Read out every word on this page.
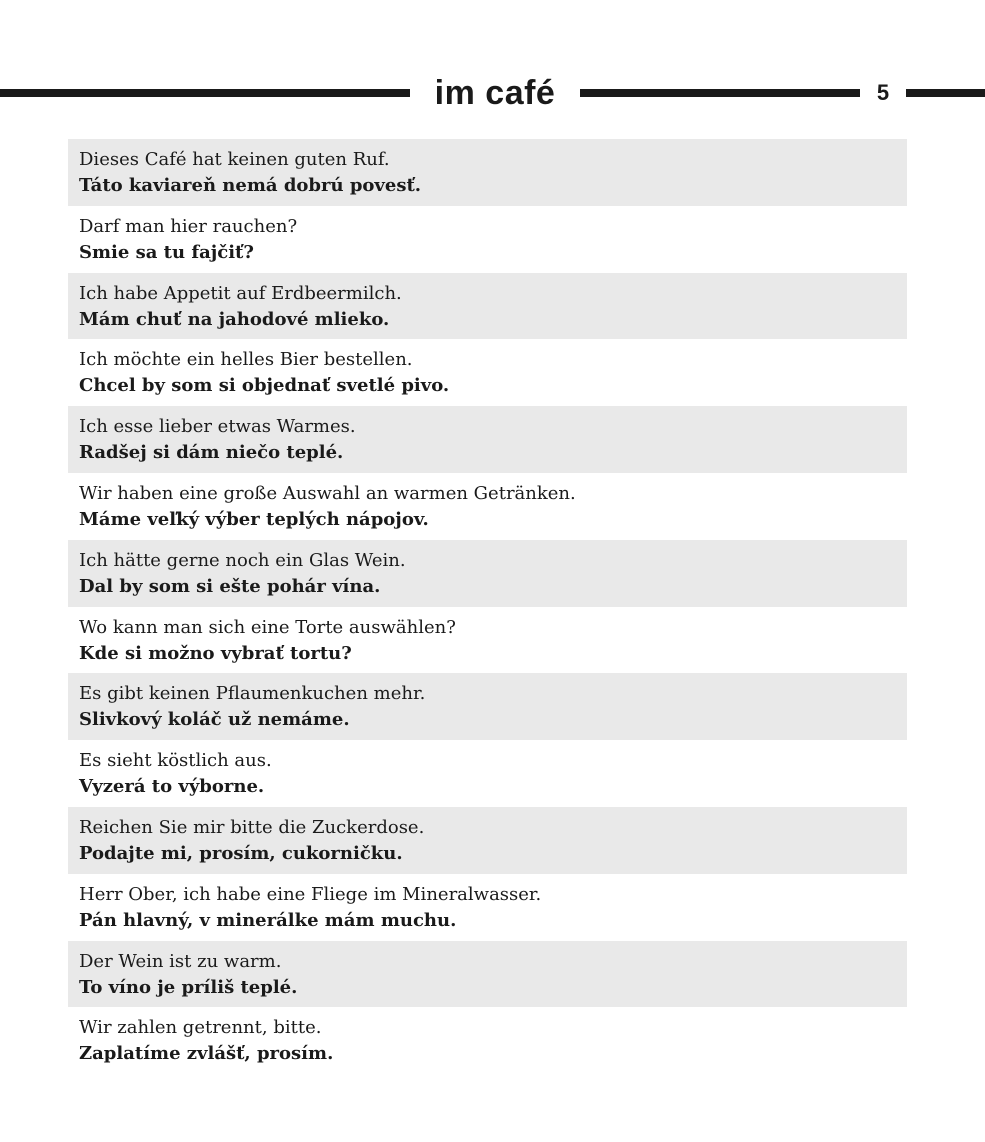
im café	5
Dieses Café hat keinen guten Ruf.
Táto kaviareň nemá dobrú povesť.
Darf man hier rauchen?
Smie sa tu fajčiť?
Ich habe Appetit auf Erdbeermilch.
Mám chuť na jahodové mlieko.
Ich möchte ein helles Bier bestellen.
Chcel by som si objednať svetlé pivo.
Ich esse lieber etwas Warmes.
Radšej si dám niečo teplé.
Wir haben eine große Auswahl an warmen Getränken.
Máme veľký výber teplých nápojov.
Ich hätte gerne noch ein Glas Wein.
Dal by som si ešte pohár vína.
Wo kann man sich eine Torte auswählen?
Kde si možno vybrať tortu?
Es gibt keinen Pflaumenkuchen mehr.
Slivkový koláč už nemáme.
Es sieht köstlich aus.
Vyzerá to výborne.
Reichen Sie mir bitte die Zuckerdose.
Podajte mi, prosím, cukorničku.
Herr Ober, ich habe eine Fliege im Mineralwasser.
Pán hlavný, v minerálke mám muchu.
Der Wein ist zu warm.
To víno je príliš teplé.
Wir zahlen getrennt, bitte.
Zaplatíme zvlášť, prosím.
